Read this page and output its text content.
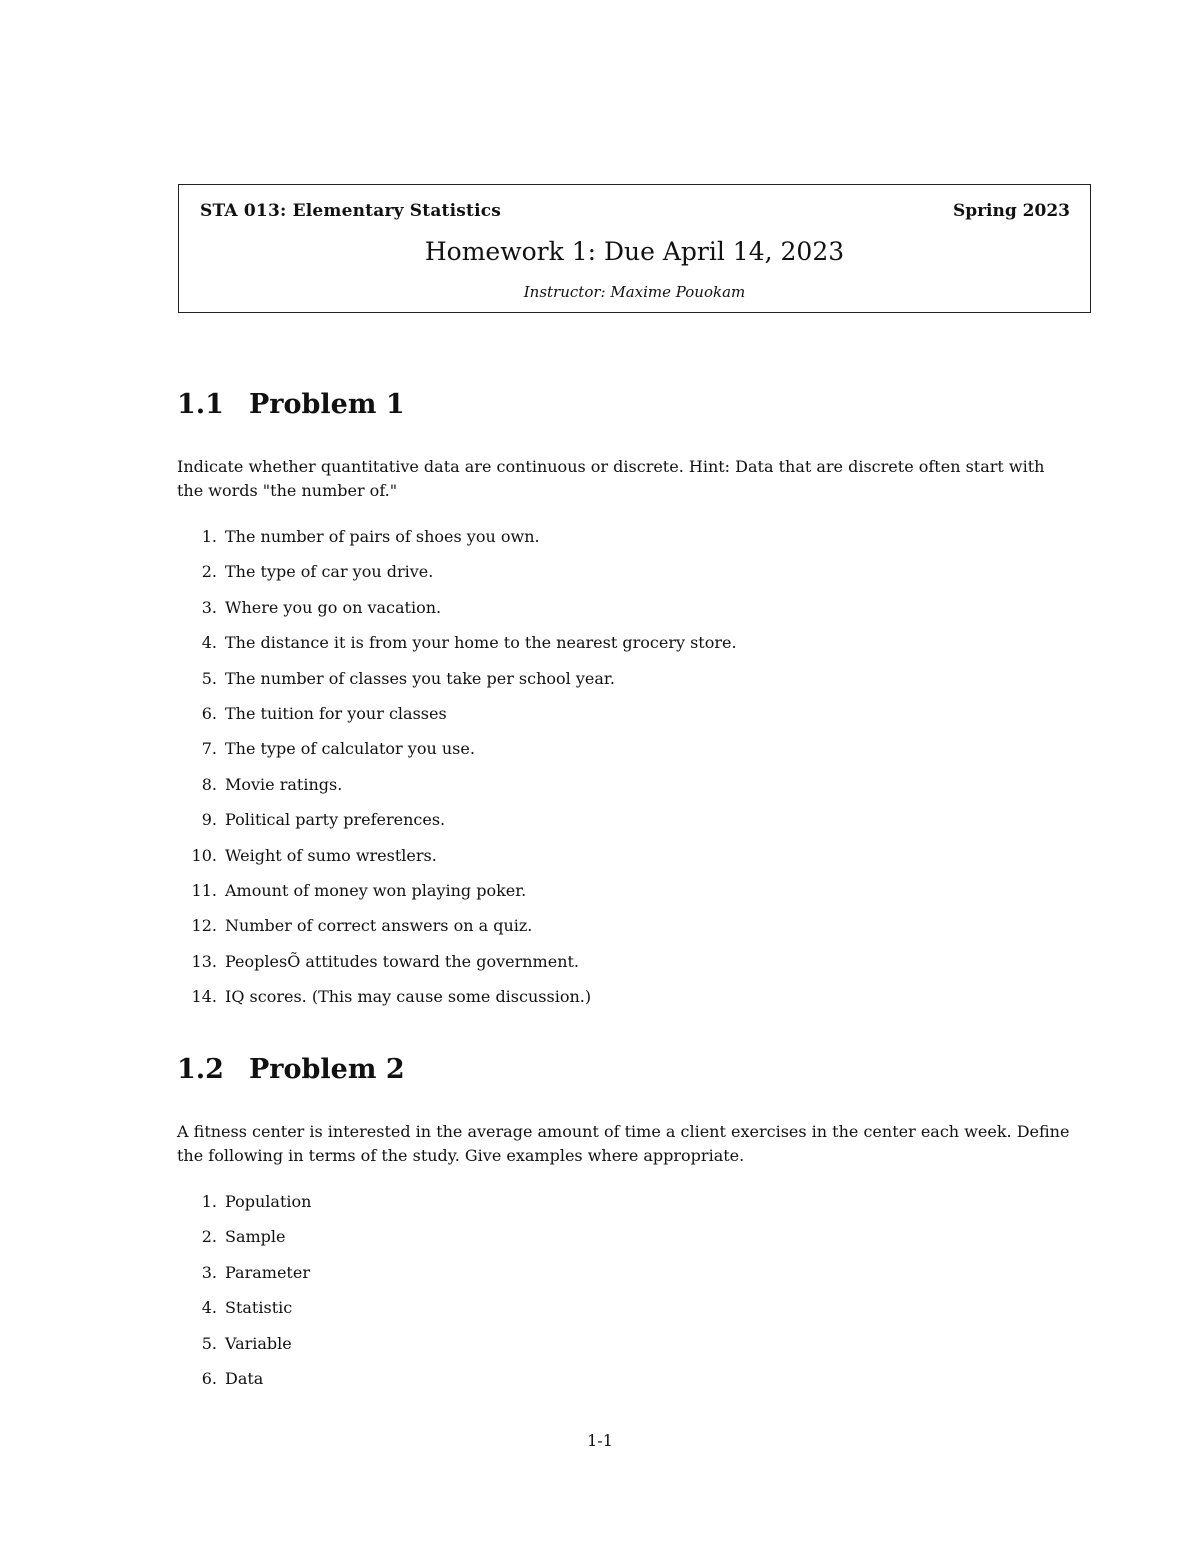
STA 013: Elementary Statistics	Spring 2023
Homework 1: Due April 14, 2023
Instructor: Maxime Pouokam
1.1 Problem 1
Indicate whether quantitative data are continuous or discrete. Hint: Data that are discrete often start with
the words "the number of."
1. The number of pairs of shoes you own.
2. The type of car you drive.
3. Where you go on vacation.
4. The distance it is from your home to the nearest grocery store.
5. The number of classes you take per school year.
6. The tuition for your classes
7. The type of calculator you use.
8. Movie ratings.
9. Political party preferences.
10. Weight of sumo wrestlers.
11. Amount of money won playing poker.
12. Number of correct answers on a quiz.
13. PeoplesÕ attitudes toward the government.
14. IQ scores. (This may cause some discussion.)
1.2 Problem 2
A fitness center is interested in the average amount of time a client exercises in the center each week. Define
the following in terms of the study. Give examples where appropriate.
1. Population
2. Sample
3. Parameter
4. Statistic
5. Variable
6. Data
1-1
